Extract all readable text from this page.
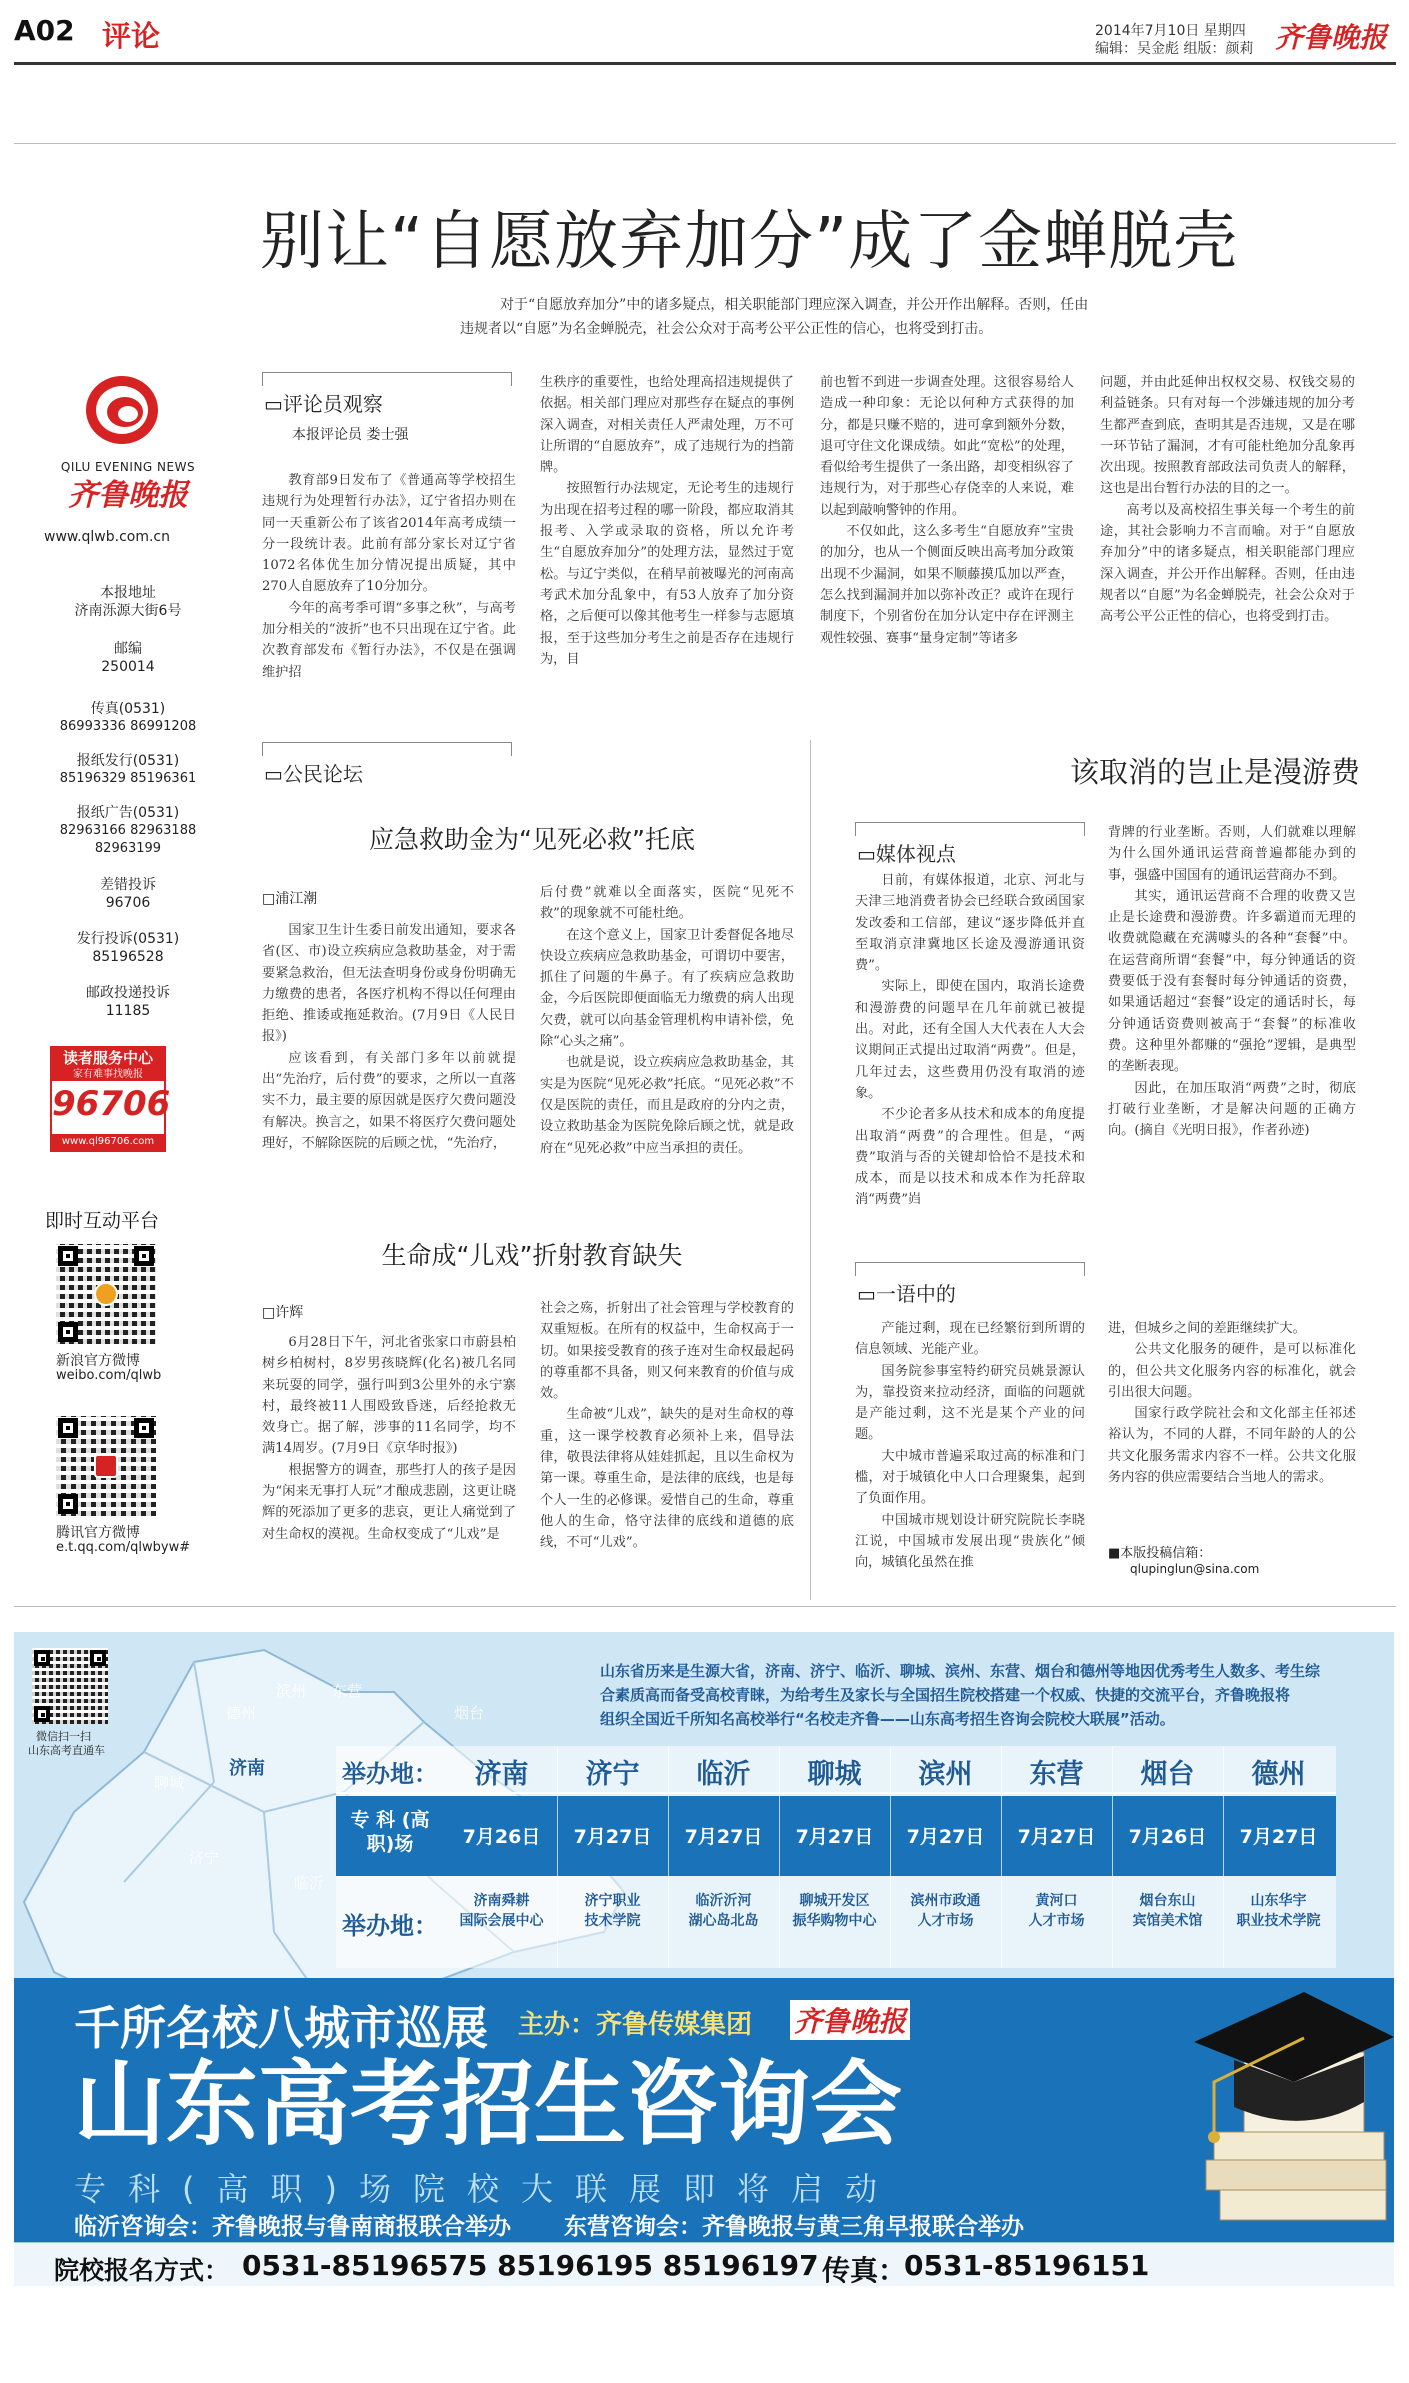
A02 评论	2014年7月10日 星期四
编辑：吴金彪 组版：颜莉 齐鲁晚报
QILU EVENING NEWS
齐鲁晚报
www.qlwb.com.cn
本报地址
济南泺源大街6号
邮编
250014
传真(0531)
86993336 86991208
报纸发行(0531)
85196329 85196361
报纸广告(0531)
82963166 82963188
82963199
差错投诉
96706
发行投诉(0531)
85196528
邮政投递投诉
11185
读者服务中心
家有难事找晚报
96706
www.ql96706.com
即时互动平台
新浪官方微博
weibo.com/qlwb
腾讯官方微博
e.t.qq.com/qlwbyw#
别让“自愿放弃加分”成了金蝉脱壳
对于“自愿放弃加分”中的诸多疑点，相关职能部门理应深入调查，并公开作出解释。否则，任由
违规者以“自愿”为名金蝉脱壳，社会公众对于高考公平公正性的信心，也将受到打击。
▭评论员观察
本报评论员 娄士强

教育部9日发布了《普通高等学校招生违规行为处理暂行办法》，辽宁省招办则在同一天重新公布了该省2014年高考成绩一分一段统计表。此前有部分家长对辽宁省1072名体优生加分情况提出质疑，其中270人自愿放弃了10分加分。

今年的高考季可谓“多事之秋”，与高考加分相关的“波折”也不只出现在辽宁省。此次教育部发布《暂行办法》，不仅是在强调维护招

生秩序的重要性，也给处理高招违规提供了依据。相关部门理应对那些存在疑点的事例深入调查，对相关责任人严肃处理，万不可让所谓的“自愿放弃”，成了违规行为的挡箭牌。

按照暂行办法规定，无论考生的违规行为出现在招考过程的哪一阶段，都应取消其报考、入学或录取的资格，所以允许考生“自愿放弃加分”的处理方法，显然过于宽松。与辽宁类似，在稍早前被曝光的河南高考武术加分乱象中，有53人放弃了加分资格，之后便可以像其他考生一样参与志愿填报，至于这些加分考生之前是否存在违规行为，目

前也暂不到进一步调查处理。这很容易给人造成一种印象：无论以何种方式获得的加分，都是只赚不赔的，进可拿到额外分数，退可守住文化课成绩。如此“宽松”的处理，看似给考生提供了一条出路，却变相纵容了违规行为，对于那些心存侥幸的人来说，难以起到敲响警钟的作用。

不仅如此，这么多考生“自愿放弃”宝贵的加分，也从一个侧面反映出高考加分政策出现不少漏洞，如果不顺藤摸瓜加以严查，怎么找到漏洞并加以弥补改正？或许在现行制度下，个别省份在加分认定中存在评测主观性较强、赛事“量身定制”等诸多

问题，并由此延伸出权权交易、权钱交易的利益链条。只有对每一个涉嫌违规的加分考生都严查到底，查明其是否违规，又是在哪一环节钻了漏洞，才有可能杜绝加分乱象再次出现。按照教育部政法司负责人的解释，这也是出台暂行办法的目的之一。

高考以及高校招生事关每一个考生的前途，其社会影响力不言而喻。对于“自愿放弃加分”中的诸多疑点，相关职能部门理应深入调查，并公开作出解释。否则，任由违规者以“自愿”为名金蝉脱壳，社会公众对于高考公平公正性的信心，也将受到打击。

▭公民论坛
应急救助金为“见死必救”托底
□浦江潮

国家卫生计生委日前发出通知，要求各省(区、市)设立疾病应急救助基金，对于需要紧急救治，但无法查明身份或身份明确无力缴费的患者，各医疗机构不得以任何理由拒绝、推诿或拖延救治。(7月9日《人民日报》)

应该看到，有关部门多年以前就提出“先治疗，后付费”的要求，之所以一直落实不力，最主要的原因就是医疗欠费问题没有解决。换言之，如果不将医疗欠费问题处理好，不解除医院的后顾之忧，“先治疗，

后付费”就难以全面落实，医院“见死不救”的现象就不可能杜绝。

在这个意义上，国家卫计委督促各地尽快设立疾病应急救助基金，可谓切中要害，抓住了问题的牛鼻子。有了疾病应急救助金，今后医院即便面临无力缴费的病人出现欠费，就可以向基金管理机构申请补偿，免除“心头之痛”。

也就是说，设立疾病应急救助基金，其实是为医院“见死必救”托底。“见死必救”不仅是医院的责任，而且是政府的分内之责，设立救助基金为医院免除后顾之忧，就是政府在“见死必救”中应当承担的责任。

生命成“儿戏”折射教育缺失
□许辉

6月28日下午，河北省张家口市蔚县柏树乡柏树村，8岁男孩晓辉(化名)被几名同来玩耍的同学，强行叫到3公里外的永宁寨村，最终被11人围殴致昏迷，后经抢救无效身亡。据了解，涉事的11名同学，均不满14周岁。(7月9日《京华时报》)

根据警方的调查，那些打人的孩子是因为“闲来无事打人玩”才酿成悲剧，这更让晓辉的死添加了更多的悲哀，更让人痛觉到了对生命权的漠视。生命权变成了“儿戏”是

社会之殇，折射出了社会管理与学校教育的双重短板。在所有的权益中，生命权高于一切。如果接受教育的孩子连对生命权最起码的尊重都不具备，则又何来教育的价值与成效。

生命被“儿戏”，缺失的是对生命权的尊重，这一课学校教育必须补上来，倡导法律，敬畏法律将从娃娃抓起，且以生命权为第一课。尊重生命，是法律的底线，也是每个人一生的必修课。爱惜自己的生命，尊重他人的生命，恪守法律的底线和道德的底线，不可“儿戏”。

该取消的岂止是漫游费
▭媒体视点

日前，有媒体报道，北京、河北与天津三地消费者协会已经联合致函国家发改委和工信部，建议“逐步降低并直至取消京津冀地区长途及漫游通讯资费”。

实际上，即使在国内，取消长途费和漫游费的问题早在几年前就已被提出。对此，还有全国人大代表在人大会议期间正式提出过取消“两费”。但是，几年过去，这些费用仍没有取消的迹象。

不少论者多从技术和成本的角度提出取消“两费”的合理性。但是，“两费”取消与否的关键却恰恰不是技术和成本，而是以技术和成本作为托辞取消“两费”岿

背牌的行业垄断。否则，人们就难以理解为什么国外通讯运营商普遍都能办到的事，强盛中国国有的通讯运营商办不到。

其实，通讯运营商不合理的收费又岂止是长途费和漫游费。许多霸道而无理的收费就隐藏在充满噱头的各种“套餐”中。在运营商所谓“套餐”中，每分钟通话的资费要低于没有套餐时每分钟通话的资费，如果通话超过“套餐”设定的通话时长，每分钟通话资费则被高于“套餐”的标准收费。这种里外都赚的“强抢”逻辑，是典型的垄断表现。

因此，在加压取消“两费”之时，彻底打破行业垄断，才是解决问题的正确方向。(摘自《光明日报》，作者孙迹)

▭一语中的

产能过剩，现在已经繁衍到所谓的信息领域、光能产业。

国务院参事室特约研究员姚景源认为，靠投资来拉动经济，面临的问题就是产能过剩，这不光是某个产业的问题。

大中城市普遍采取过高的标准和门槛，对于城镇化中人口合理聚集，起到了负面作用。

中国城市规划设计研究院院长李晓江说，中国城市发展出现“贵族化”倾向，城镇化虽然在推

进，但城乡之间的差距继续扩大。

公共文化服务的硬件，是可以标准化的，但公共文化服务内容的标准化，就会引出很大问题。

国家行政学院社会和文化部主任祁述裕认为，不同的人群，不同年龄的人的公共文化服务需求内容不一样。公共文化服务内容的供应需要结合当地人的需求。

■本版投稿信箱：
qlupinglun@sina.com
德州
滨州 东营
烟台
聊城
济南
济宁
临沂
微信扫一扫
山东高考直通车
山东省历来是生源大省，济南、济宁、临沂、聊城、滨州、东营、烟台和德州等地因优秀考生人数多、考生综
合素质高而备受高校青睐，为给考生及家长与全国招生院校搭建一个权威、快捷的交流平台，齐鲁晚报将
组织全国近千所知名高校举行“名校走齐鲁——山东高考招生咨询会院校大联展”活动。
举办地：
专 科 (高职)场
举办地：
济南
7月26日
济南舜耕
国际会展中心
济宁
7月27日
济宁职业
技术学院
临沂
7月27日
临沂沂河
湖心岛北岛
聊城
7月27日
聊城开发区
振华购物中心
滨州
7月27日
滨州市政通
人才市场
东营
7月27日
黄河口
人才市场
烟台
7月26日
烟台东山
宾馆美术馆
德州
7月27日
山东华宇
职业技术学院
千所名校八城市巡展 主办：齐鲁传媒集团 齐鲁晚报
山东高考招生咨询会
专科(高职)场院校大联展即将启动
临沂咨询会：齐鲁晚报与鲁南商报联合举办 东营咨询会：齐鲁晚报与黄三角早报联合举办
院校报名方式： 0531-85196575 85196195 85196197 传真：
0531-85196151
